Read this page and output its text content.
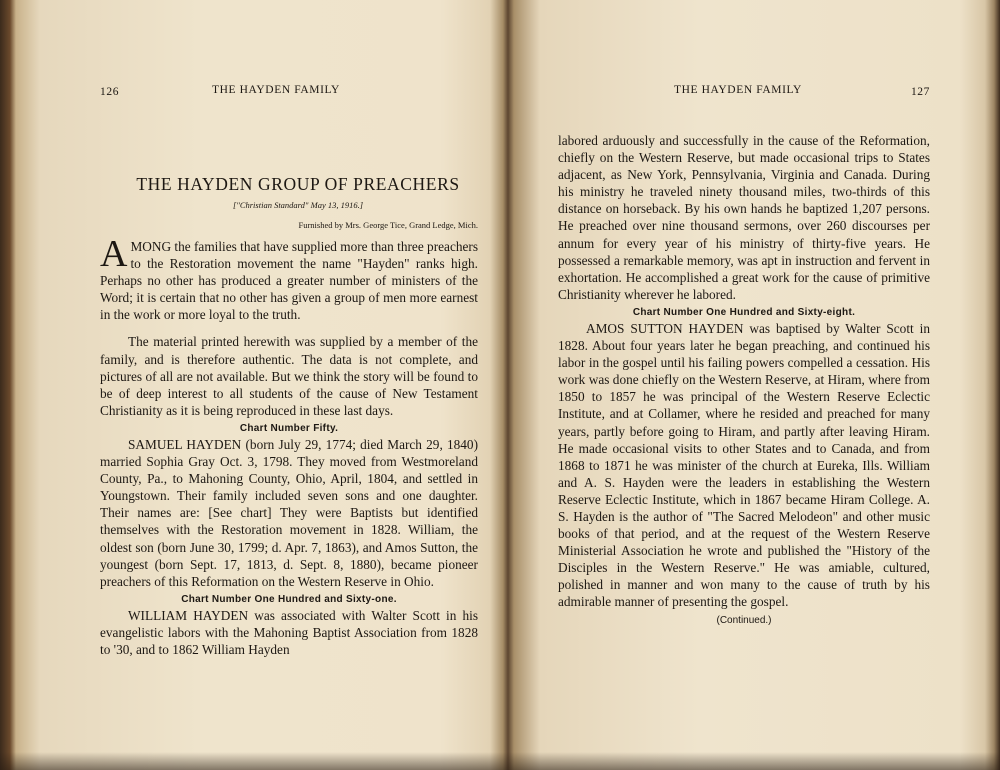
126	THE HAYDEN FAMILY
THE HAYDEN GROUP OF PREACHERS
["Christian Standard" May 13, 1916.]
Furnished by Mrs. George Tice, Grand Ledge, Mich.

AMONG the families that have supplied more than three preachers to the Restoration movement the name "Hayden" ranks high. Perhaps no other has produced a greater number of ministers of the Word; it is certain that no other has given a group of men more earnest in the work or more loyal to the truth.

The material printed herewith was supplied by a member of the family, and is therefore authentic. The data is not complete, and pictures of all are not available. But we think the story will be found to be of deep interest to all students of the cause of New Testament Christianity as it is being reproduced in these last days.

Chart Number Fifty.

SAMUEL HAYDEN (born July 29, 1774; died March 29, 1840) married Sophia Gray Oct. 3, 1798. They moved from Westmoreland County, Pa., to Mahoning County, Ohio, April, 1804, and settled in Youngstown. Their family included seven sons and one daughter. Their names are: [See chart] They were Baptists but identified themselves with the Restoration movement in 1828. William, the oldest son (born June 30, 1799; d. Apr. 7, 1863), and Amos Sutton, the youngest (born Sept. 17, 1813, d. Sept. 8, 1880), became pioneer preachers of this Reformation on the Western Reserve in Ohio.

Chart Number One Hundred and Sixty-one.

WILLIAM HAYDEN was associated with Walter Scott in his evangelistic labors with the Mahoning Baptist Association from 1828 to '30, and to 1862 William Hayden

THE HAYDEN FAMILY	127

labored arduously and successfully in the cause of the Reformation, chiefly on the Western Reserve, but made occasional trips to States adjacent, as New York, Pennsylvania, Virginia and Canada. During his ministry he traveled ninety thousand miles, two-thirds of this distance on horseback. By his own hands he baptized 1,207 persons. He preached over nine thousand sermons, over 260 discourses per annum for every year of his ministry of thirty-five years. He possessed a remarkable memory, was apt in instruction and fervent in exhortation. He accomplished a great work for the cause of primitive Christianity wherever he labored.

Chart Number One Hundred and Sixty-eight.

AMOS SUTTON HAYDEN was baptised by Walter Scott in 1828. About four years later he began preaching, and continued his labor in the gospel until his failing powers compelled a cessation. His work was done chiefly on the Western Reserve, at Hiram, where from 1850 to 1857 he was principal of the Western Reserve Eclectic Institute, and at Collamer, where he resided and preached for many years, partly before going to Hiram, and partly after leaving Hiram. He made occasional visits to other States and to Canada, and from 1868 to 1871 he was minister of the church at Eureka, Ills. William and A. S. Hayden were the leaders in establishing the Western Reserve Eclectic Institute, which in 1867 became Hiram College. A. S. Hayden is the author of "The Sacred Melodeon" and other music books of that period, and at the request of the Western Reserve Ministerial Association he wrote and published the "History of the Disciples in the Western Reserve." He was amiable, cultured, polished in manner and won many to the cause of truth by his admirable manner of presenting the gospel.

(Continued.)
